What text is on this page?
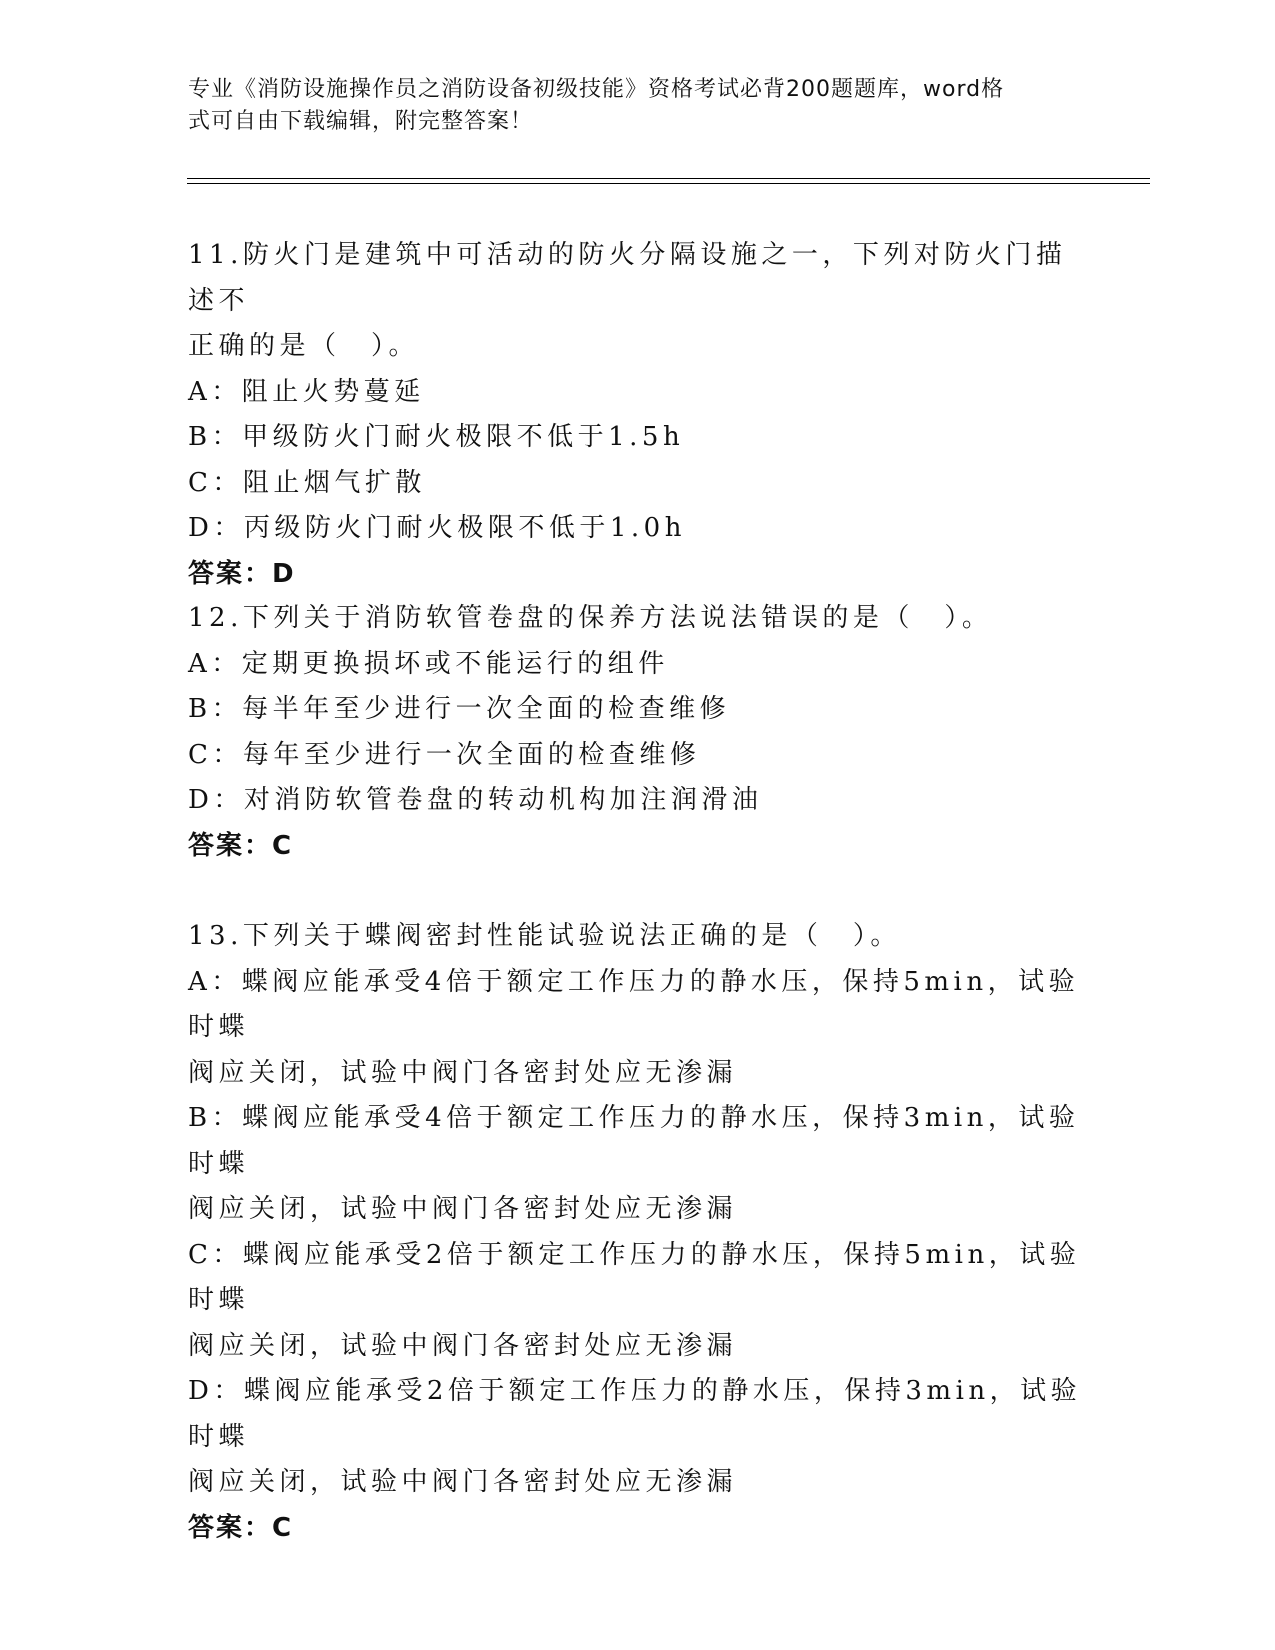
专业《消防设施操作员之消防设备初级技能》资格考试必背200题题库，word格
式可自由下载编辑，附完整答案！
11.防火门是建筑中可活动的防火分隔设施之一，下列对防火门描述不
正确的是（　）。
A：阻止火势蔓延
B：甲级防火门耐火极限不低于1.5h
C：阻止烟气扩散
D：丙级防火门耐火极限不低于1.0h
答案：D
12.下列关于消防软管卷盘的保养方法说法错误的是（　）。
A：定期更换损坏或不能运行的组件
B：每半年至少进行一次全面的检查维修
C：每年至少进行一次全面的检查维修
D：对消防软管卷盘的转动机构加注润滑油
答案：C
13.下列关于蝶阀密封性能试验说法正确的是（　）。
A：蝶阀应能承受4倍于额定工作压力的静水压，保持5min，试验时蝶
阀应关闭，试验中阀门各密封处应无渗漏
B：蝶阀应能承受4倍于额定工作压力的静水压，保持3min，试验时蝶
阀应关闭，试验中阀门各密封处应无渗漏
C：蝶阀应能承受2倍于额定工作压力的静水压，保持5min，试验时蝶
阀应关闭，试验中阀门各密封处应无渗漏
D：蝶阀应能承受2倍于额定工作压力的静水压，保持3min，试验时蝶
阀应关闭，试验中阀门各密封处应无渗漏
答案：C
